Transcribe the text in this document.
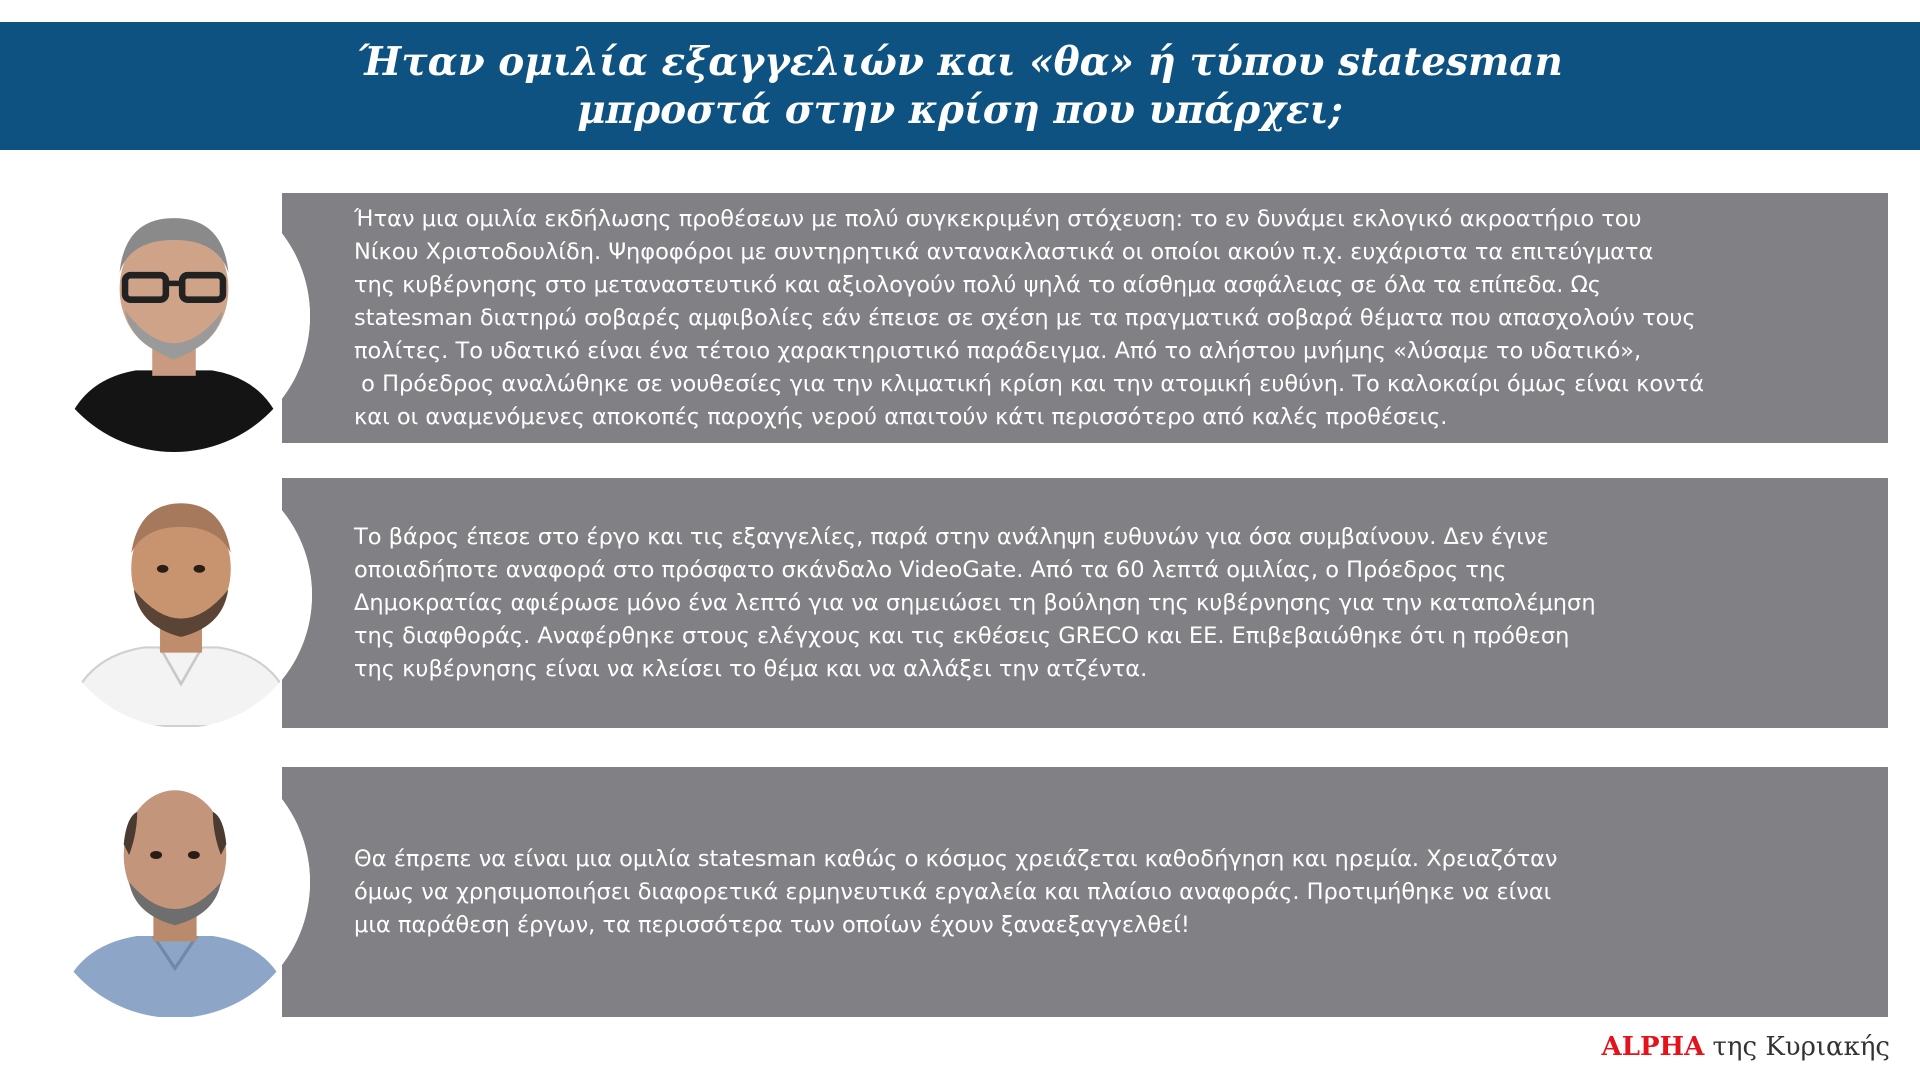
Ήταν ομιλία εξαγγελιών και «θα» ή τύπου statesman
μπροστά στην κρίση που υπάρχει;

Ήταν μια ομιλία εκδήλωσης προθέσεων με πολύ συγκεκριμένη στόχευση: το εν δυνάμει εκλογικό ακροατήριο του
Νίκου Χριστοδουλίδη. Ψηφοφόροι με συντηρητικά αντανακλαστικά οι οποίοι ακούν π.χ. ευχάριστα τα επιτεύγματα
της κυβέρνησης στο μεταναστευτικό και αξιολογούν πολύ ψηλά το αίσθημα ασφάλειας σε όλα τα επίπεδα. Ως
statesman διατηρώ σοβαρές αμφιβολίες εάν έπεισε σε σχέση με τα πραγματικά σοβαρά θέματα που απασχολούν τους
πολίτες. Το υδατικό είναι ένα τέτοιο χαρακτηριστικό παράδειγμα. Από το αλήστου μνήμης «λύσαμε το υδατικό»,
ο Πρόεδρος αναλώθηκε σε νουθεσίες για την κλιματική κρίση και την ατομική ευθύνη. Το καλοκαίρι όμως είναι κοντά
και οι αναμενόμενες αποκοπές παροχής νερού απαιτούν κάτι περισσότερο από καλές προθέσεις.

Το βάρος έπεσε στο έργο και τις εξαγγελίες, παρά στην ανάληψη ευθυνών για όσα συμβαίνουν. Δεν έγινε
οποιαδήποτε αναφορά στο πρόσφατο σκάνδαλο VideoGate. Από τα 60 λεπτά ομιλίας, ο Πρόεδρος της
Δημοκρατίας αφιέρωσε μόνο ένα λεπτό για να σημειώσει τη βούληση της κυβέρνησης για την καταπολέμηση
της διαφθοράς. Αναφέρθηκε στους ελέγχους και τις εκθέσεις GRECO και ΕΕ. Επιβεβαιώθηκε ότι η πρόθεση
της κυβέρνησης είναι να κλείσει το θέμα και να αλλάξει την ατζέντα.

Θα έπρεπε να είναι μια ομιλία statesman καθώς ο κόσμος χρειάζεται καθοδήγηση και ηρεμία. Χρειαζόταν
όμως να χρησιμοποιήσει διαφορετικά ερμηνευτικά εργαλεία και πλαίσιο αναφοράς. Προτιμήθηκε να είναι
μια παράθεση έργων, τα περισσότερα των οποίων έχουν ξαναεξαγγελθεί!

ALPHA της Κυριακής
